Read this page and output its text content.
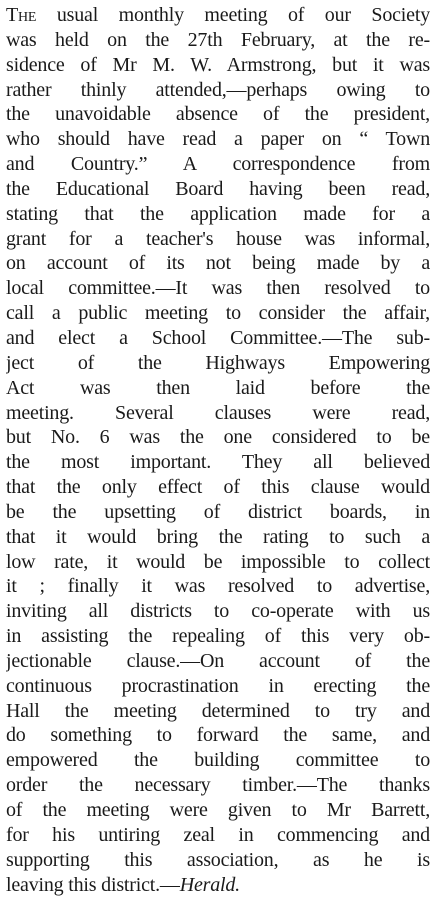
The usual monthly meeting of our Society
was held on the 27th February, at the re-
sidence of Mr M. W. Armstrong, but it was
rather thinly attended,—perhaps owing to
the unavoidable absence of the president,
who should have read a paper on “ Town
and Country.” A correspondence from
the Educational Board having been read,
stating that the application made for a
grant for a teacher's house was informal,
on account of its not being made by a
local committee.—It was then resolved to
call a public meeting to consider the affair,
and elect a School Committee.—The sub-
ject of the Highways Empowering
Act was then laid before the
meeting. Several clauses were read,
but No. 6 was the one considered to be
the most important. They all believed
that the only effect of this clause would
be the upsetting of district boards, in
that it would bring the rating to such a
low rate, it would be impossible to collect
it ; finally it was resolved to advertise,
inviting all districts to co-operate with us
in assisting the repealing of this very ob-
jectionable clause.—On account of the
continuous procrastination in erecting the
Hall the meeting determined to try and
do something to forward the same, and
empowered the building committee to
order the necessary timber.—The thanks
of the meeting were given to Mr Barrett,
for his untiring zeal in commencing and
supporting this association, as he is
leaving this district.—Herald.
